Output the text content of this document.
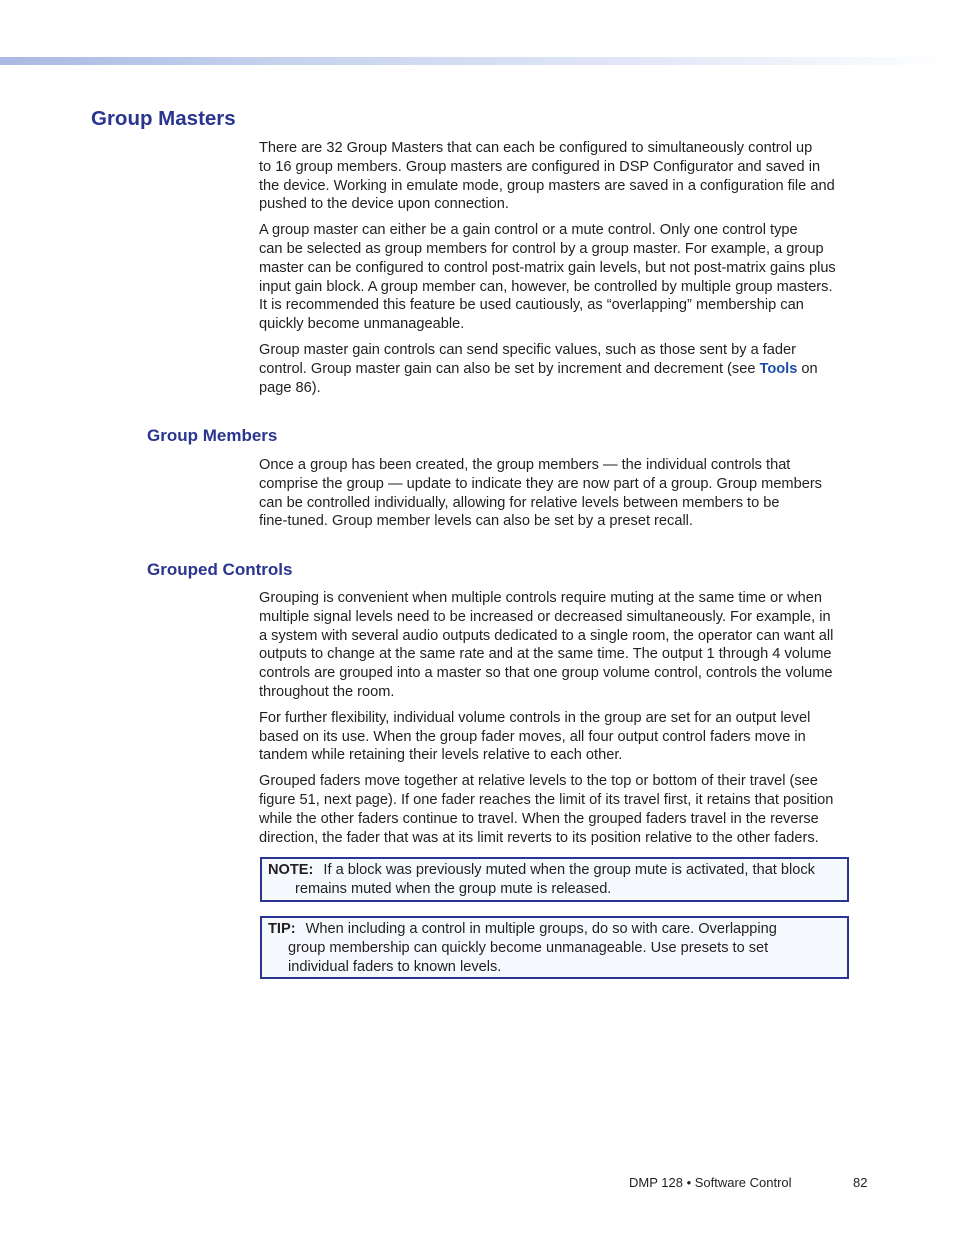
Group Masters

There are 32 Group Masters that can each be configured to simultaneously control up
to 16 group members. Group masters are configured in DSP Configurator and saved in
the device. Working in emulate mode, group masters are saved in a configuration file and
pushed to the device upon connection.

A group master can either be a gain control or a mute control. Only one control type
can be selected as group members for control by a group master. For example, a group
master can be configured to control post-matrix gain levels, but not post-matrix gains plus
input gain block. A group member can, however, be controlled by multiple group masters.
It is recommended this feature be used cautiously, as “overlapping” membership can
quickly become unmanageable.

Group master gain controls can send specific values, such as those sent by a fader
control. Group master gain can also be set by increment and decrement (see Tools on
page 86).

Group Members

Once a group has been created, the group members — the individual controls that
comprise the group — update to indicate they are now part of a group. Group members
can be controlled individually, allowing for relative levels between members to be
fine-tuned. Group member levels can also be set by a preset recall.

Grouped Controls

Grouping is convenient when multiple controls require muting at the same time or when
multiple signal levels need to be increased or decreased simultaneously. For example, in
a system with several audio outputs dedicated to a single room, the operator can want all
outputs to change at the same rate and at the same time. The output 1 through 4 volume
controls are grouped into a master so that one group volume control, controls the volume
throughout the room.

For further flexibility, individual volume controls in the group are set for an output level
based on its use. When the group fader moves, all four output control faders move in
tandem while retaining their levels relative to each other.

Grouped faders move together at relative levels to the top or bottom of their travel (see
figure 51, next page). If one fader reaches the limit of its travel first, it retains that position
while the other faders continue to travel. When the grouped faders travel in the reverse
direction, the fader that was at its limit reverts to its position relative to the other faders.

NOTE: If a block was previously muted when the group mute is activated, that block
remains muted when the group mute is released.
TIP: When including a control in multiple groups, do so with care. Overlapping
group membership can quickly become unmanageable. Use presets to set
individual faders to known levels.
DMP 128 • Software Control	82
